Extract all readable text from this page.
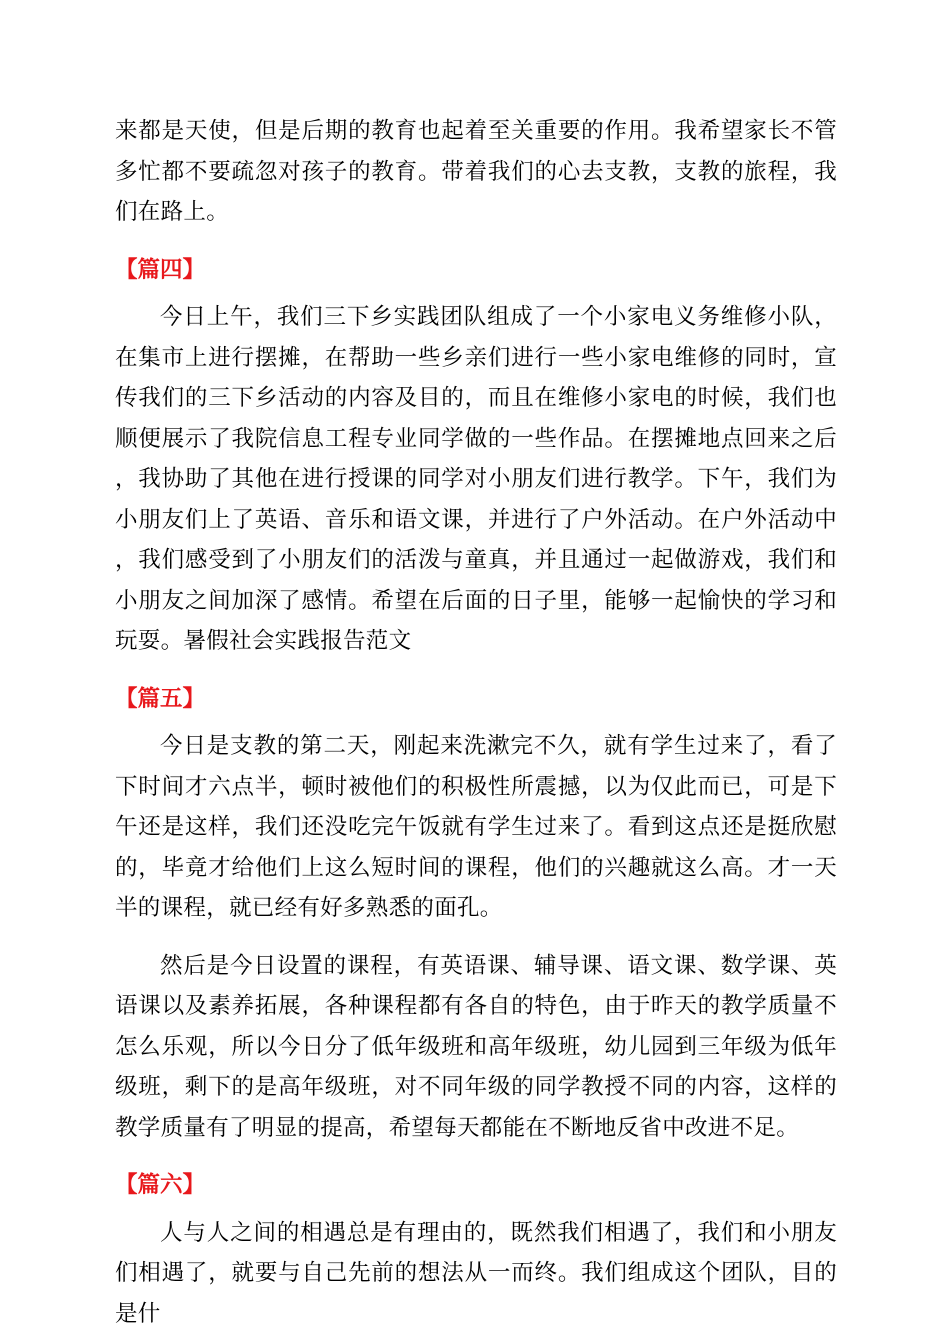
来都是天使，但是后期的教育也起着至关重要的作用。我希望家长不管多忙都不要疏忽对孩子的教育。带着我们的心去支教，支教的旅程，我们在路上。

【篇四】

今日上午，我们三下乡实践团队组成了一个小家电义务维修小队，在集市上进行摆摊，在帮助一些乡亲们进行一些小家电维修的同时，宣传我们的三下乡活动的内容及目的，而且在维修小家电的时候，我们也顺便展示了我院信息工程专业同学做的一些作品。在摆摊地点回来之后，我协助了其他在进行授课的同学对小朋友们进行教学。下午，我们为小朋友们上了英语、音乐和语文课，并进行了户外活动。在户外活动中，我们感受到了小朋友们的活泼与童真，并且通过一起做游戏，我们和小朋友之间加深了感情。希望在后面的日子里，能够一起愉快的学习和玩耍。暑假社会实践报告范文

【篇五】

今日是支教的第二天，刚起来洗漱完不久，就有学生过来了，看了下时间才六点半，顿时被他们的积极性所震撼，以为仅此而已，可是下午还是这样，我们还没吃完午饭就有学生过来了。看到这点还是挺欣慰的，毕竟才给他们上这么短时间的课程，他们的兴趣就这么高。才一天半的课程，就已经有好多熟悉的面孔。

然后是今日设置的课程，有英语课、辅导课、语文课、数学课、英语课以及素养拓展，各种课程都有各自的特色，由于昨天的教学质量不怎么乐观，所以今日分了低年级班和高年级班，幼儿园到三年级为低年级班，剩下的是高年级班，对不同年级的同学教授不同的内容，这样的教学质量有了明显的提高，希望每天都能在不断地反省中改进不足。

【篇六】

人与人之间的相遇总是有理由的，既然我们相遇了，我们和小朋友们相遇了，就要与自己先前的想法从一而终。我们组成这个团队，目的是什
